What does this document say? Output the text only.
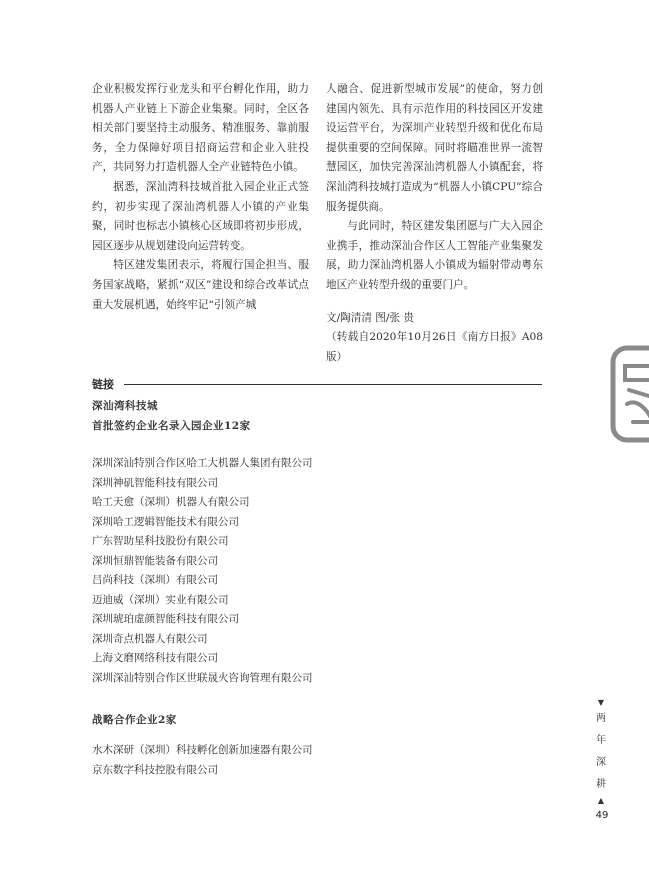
企业积极发挥行业龙头和平台孵化作用，助力机器人产业链上下游企业集聚。同时，全区各相关部门要坚持主动服务、精准服务、靠前服务，全力保障好项目招商运营和企业入驻投产，共同努力打造机器人全产业链特色小镇。

据悉，深汕湾科技城首批入园企业正式签约，初步实现了深汕湾机器人小镇的产业集聚，同时也标志小镇核心区域即将初步形成，园区逐步从规划建设向运营转变。

特区建发集团表示，将履行国企担当、服务国家战略，紧抓“双区”建设和综合改革试点重大发展机遇，始终牢记“引领产城

人融合、促进新型城市发展”的使命，努力创建国内领先、具有示范作用的科技园区开发建设运营平台，为深圳产业转型升级和优化布局提供重要的空间保障。同时将瞄准世界一流智慧园区，加快完善深汕湾机器人小镇配套，将深汕湾科技城打造成为“机器人小镇CPU”综合服务提供商。

与此同时，特区建发集团愿与广大入园企业携手，推动深汕合作区人工智能产业集聚发展，助力深汕湾机器人小镇成为辐射带动粤东地区产业转型升级的重要门户。

文/陶清清 图/张 贵

（转载自2020年10月26日《南方日报》A08版）

链接
深汕湾科技城
首批签约企业名录入园企业12家
深圳深汕特别合作区哈工大机器人集团有限公司
深圳神矶智能科技有限公司
哈工天愈（深圳）机器人有限公司
深圳哈工逻辑智能技术有限公司
广东智助星科技股份有限公司
深圳恒鼎智能装备有限公司
吕尚科技（深圳）有限公司
迈迪威（深圳）实业有限公司
深圳琥珀虚颜智能科技有限公司
深圳奇点机器人有限公司
上海文磨网络科技有限公司
深圳深汕特别合作区世联晟火咨询管理有限公司
战略合作企业2家
水木深研（深圳）科技孵化创新加速器有限公司
京东数字科技控股有限公司
▼
两
年
深
耕
▲
49
